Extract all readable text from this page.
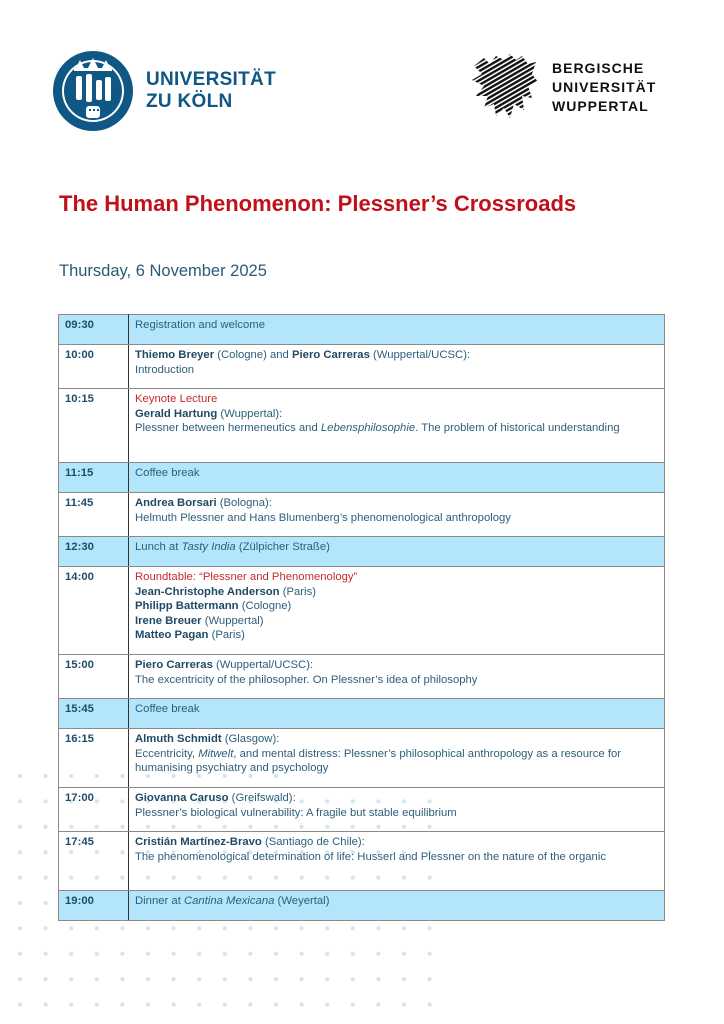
UNIVERSITÄT
ZU KÖLN
BERGISCHE
UNIVERSITÄT
WUPPERTAL
The Human Phenomenon: Plessner’s Crossroads

Thursday, 6 November 2025

09:30	Registration and welcome
10:00	Thiemo Breyer (Cologne) and Piero Carreras (Wuppertal/UCSC):
Introduction

10:15	Keynote Lecture
Gerald Hartung (Wuppertal):
Plessner between hermeneutics and Lebensphilosophie. The problem of historical understanding

11:15	Coffee break
11:45	Andrea Borsari (Bologna):
Helmuth Plessner and Hans Blumenberg’s phenomenological anthropology

12:30	Lunch at Tasty India (Zülpicher Straße)
14:00	Roundtable: “Plessner and Phenomenology”
Jean-Christophe Anderson (Paris)
Philipp Battermann (Cologne)
Irene Breuer (Wuppertal)
Matteo Pagan (Paris)

15:00	Piero Carreras (Wuppertal/UCSC):
The excentricity of the philosopher. On Plessner’s idea of philosophy

15:45	Coffee break
16:15	Almuth Schmidt (Glasgow):
Eccentricity, Mitwelt, and mental distress: Plessner’s philosophical anthropology as a resource for humanising psychiatry and psychology

17:00	Giovanna Caruso (Greifswald):
Plessner’s biological vulnerability: A fragile but stable equilibrium

17:45	Cristián Martínez-Bravo (Santiago de Chile):
The phenomenological determination of life: Husserl and Plessner on the nature of the organic

19:00	Dinner at Cantina Mexicana (Weyertal)
